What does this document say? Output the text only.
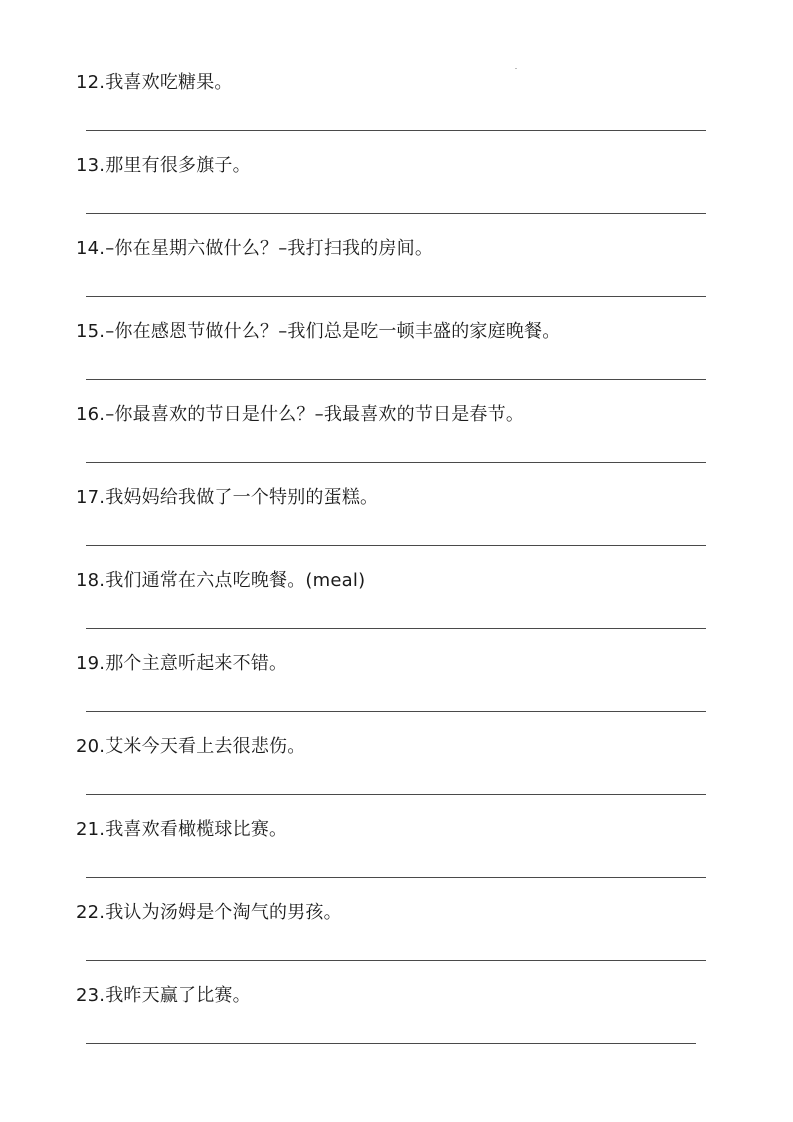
12.我喜欢吃糖果。
13.那里有很多旗子。
14.–你在星期六做什么？–我打扫我的房间。
15.–你在感恩节做什么？–我们总是吃一顿丰盛的家庭晚餐。
16.–你最喜欢的节日是什么？–我最喜欢的节日是春节。
17.我妈妈给我做了一个特别的蛋糕。
18.我们通常在六点吃晚餐。(meal)
19.那个主意听起来不错。
20.艾米今天看上去很悲伤。
21.我喜欢看橄榄球比赛。
22.我认为汤姆是个淘气的男孩。
23.我昨天赢了比赛。
